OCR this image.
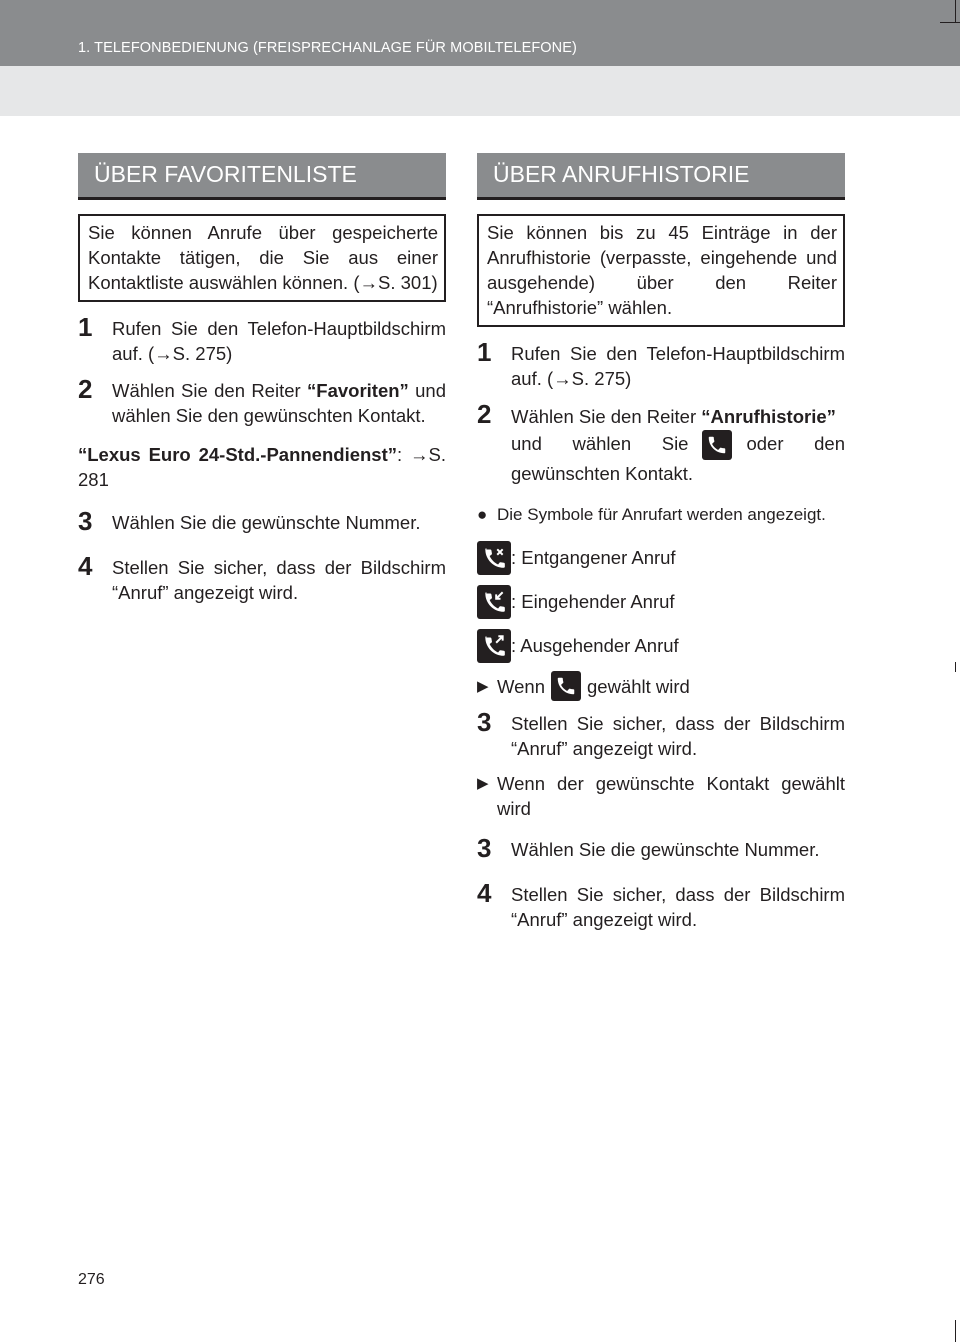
1. TELEFONBEDIENUNG (FREISPRECHANLAGE FÜR MOBILTELEFONE)
ÜBER FAVORITENLISTE
Sie können Anrufe über gespeicherte Kontakte tätigen, die Sie aus einer Kontaktliste auswählen können. (→S. 301)
1	Rufen Sie den Telefon-Hauptbildschirm auf. (→S. 275)
2	Wählen Sie den Reiter “Favoriten” und wählen Sie den gewünschten Kontakt.
“Lexus Euro 24-Std.-Pannendienst”: →S. 281
3	Wählen Sie die gewünschte Nummer.
4	Stellen Sie sicher, dass der Bildschirm “Anruf” angezeigt wird.
ÜBER ANRUFHISTORIE
Sie können bis zu 45 Einträge in der Anrufhistorie (verpasste, eingehende und ausgehende) über den Reiter “Anrufhistorie” wählen.
1	Rufen Sie den Telefon-Hauptbildschirm auf. (→S. 275)
2	Wählen Sie den Reiter “Anrufhistorie”
und wählen Sie	oder den gewünschten Kontakt.
● Die Symbole für Anrufart werden angezeigt.
: Entgangener Anruf
: Eingehender Anruf
: Ausgehender Anruf
▶ Wenn gewählt wird
3	Stellen Sie sicher, dass der Bildschirm “Anruf” angezeigt wird.
▶ Wenn der gewünschte Kontakt gewählt wird
3	Wählen Sie die gewünschte Nummer.
4	Stellen Sie sicher, dass der Bildschirm “Anruf” angezeigt wird.
276
